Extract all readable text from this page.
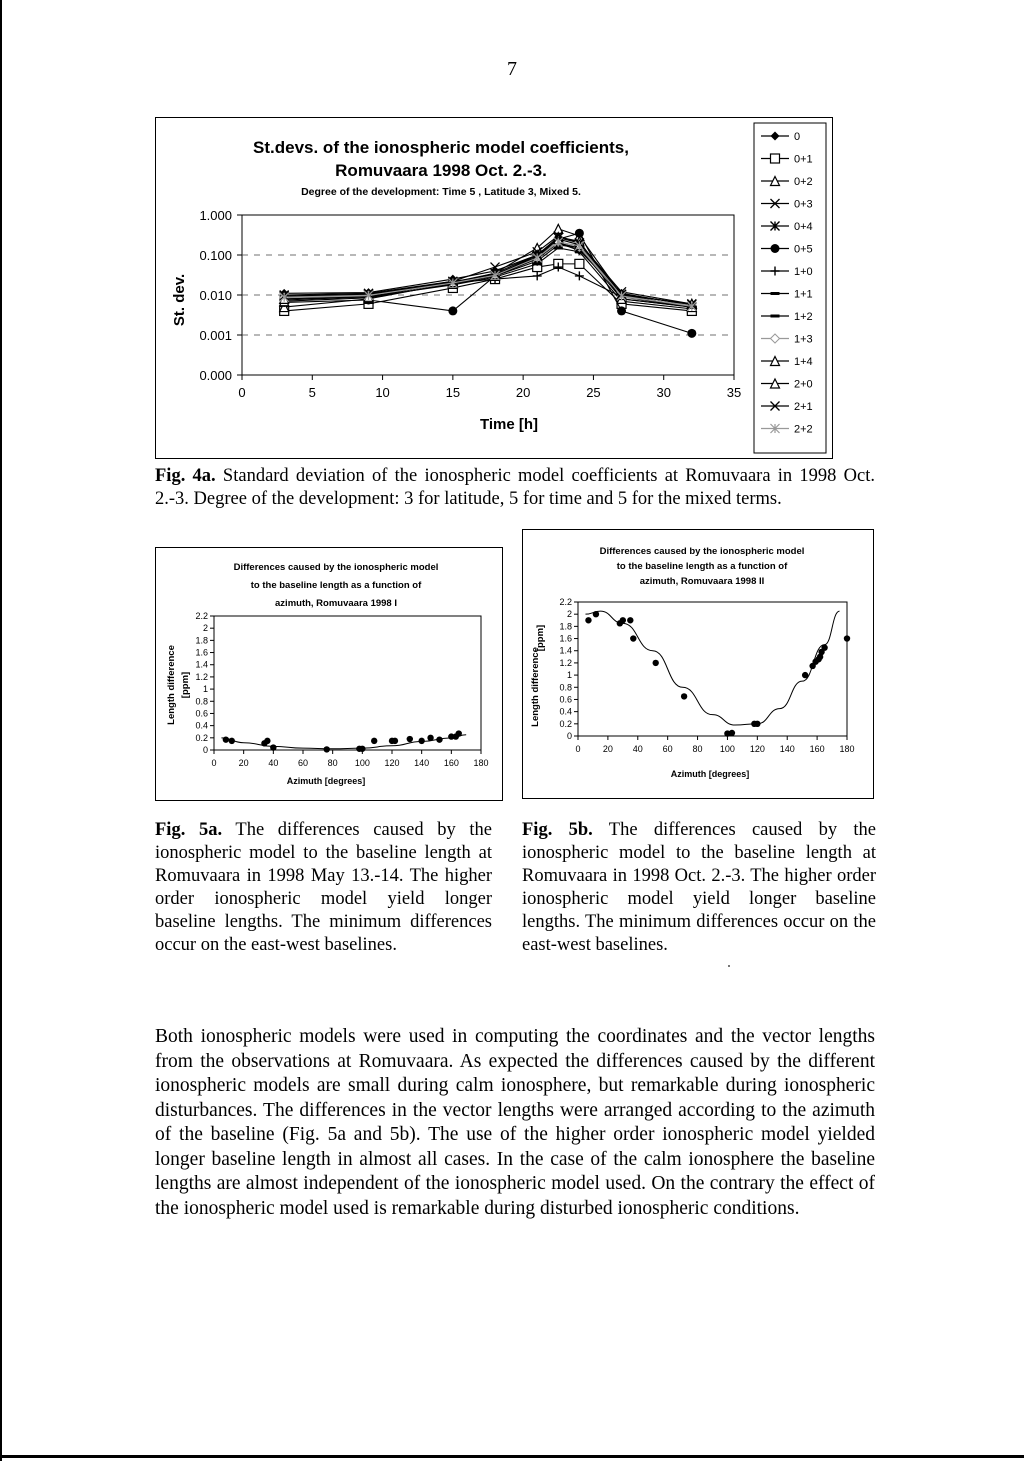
7
St.devs. of the ionospheric model coefficients,
Romuvaara 1998 Oct. 2.-3.
Degree of the development: Time 5 , Latitude 3, Mixed 5.
St. dev.
Time [h]
1.000
0.100
0.010
0.001
0.000
0	5	10	15	20	25	30	35
0
0+1
0+2
0+3
0+4
0+5
1+0
1+1
1+2
1+3
1+4
2+0
2+1
2+2
Fig. 4a. Standard deviation of the ionospheric model coefficients at Romuvaara in 1998 Oct. 2.-3. Degree of the development: 3 for latitude, 5 for time and 5 for the mixed terms.
Differences caused by the ionospheric model
to the baseline length as a function of
azimuth, Romuvaara 1998 I
Length difference [ppm]
Azimuth [degrees]
0
0.2
0.4
0.6
0.8
1
1.2
1.4
1.6
1.8
2
2.2
0 20 40 60 80 100 120 140 160 180
Differences caused by the ionospheric model
to the baseline length as a function of
azimuth, Romuvaara 1998 II
Length difference
[ppm]
Azimuth [degrees]
0
0.2
0.4
0.6
0.8
1
1.2
1.4
1.6
1.8
2
2.2
0 20 40 60 80 100 120 140 160 180
Fig. 5a. The differences caused by the ionospheric model to the baseline length at Romuvaara in 1998 May 13.-14. The higher order ionospheric model yield longer baseline lengths. The minimum differences occur on the east-west baselines.
Fig. 5b. The differences caused by the ionospheric model to the baseline length at Romuvaara in 1998 Oct. 2.-3. The higher order ionospheric model yield longer baseline lengths. The minimum differences occur on the east-west baselines.
Both ionospheric models were used in computing the coordinates and the vector lengths from the observations at Romuvaara. As expected the differences caused by the different ionospheric models are small during calm ionosphere, but remarkable during ionospheric disturbances. The differences in the vector lengths were arranged according to the azimuth of the baseline (Fig. 5a and 5b). The use of the higher order ionospheric model yielded longer baseline length in almost all cases. In the case of the calm ionosphere the baseline lengths are almost independent of the ionospheric model used. On the contrary the effect of the ionospheric model used is remarkable during disturbed ionospheric conditions.
